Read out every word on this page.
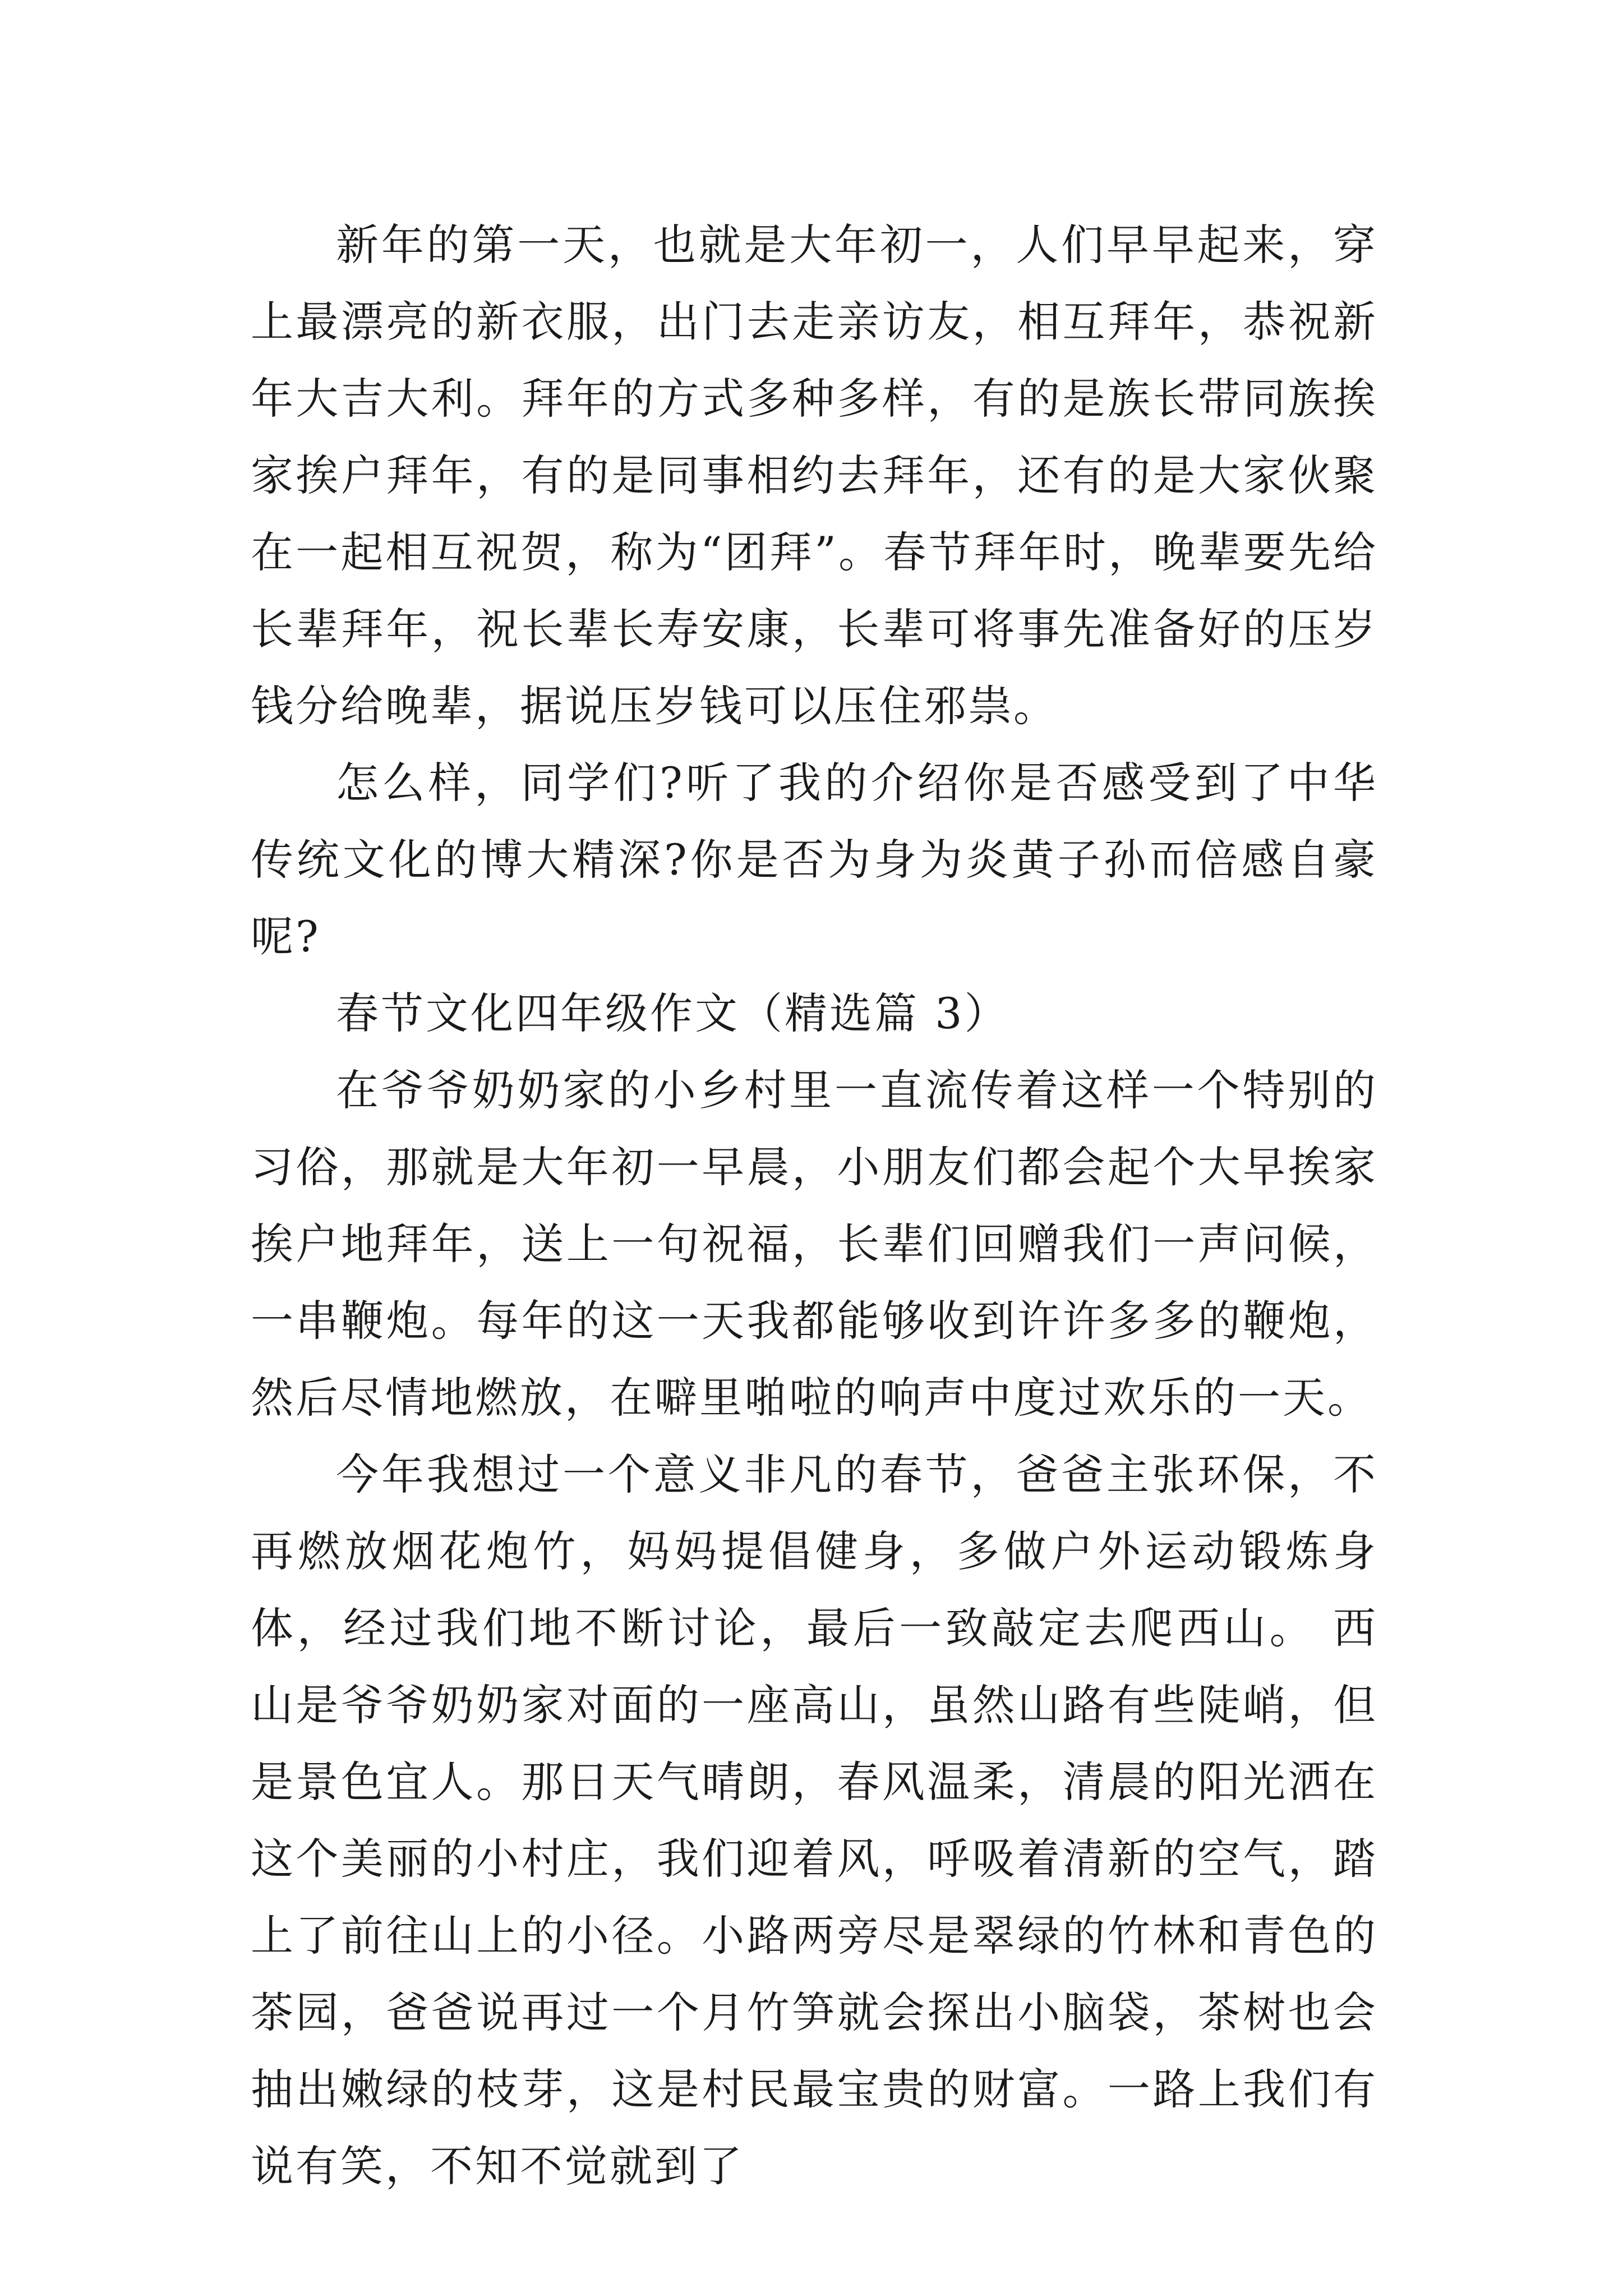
新年的第一天，也就是大年初一，人们早早起来，穿上最漂亮的新衣服，出门去走亲访友，相互拜年，恭祝新年大吉大利。拜年的方式多种多样，有的是族长带同族挨家挨户拜年，有的是同事相约去拜年，还有的是大家伙聚在一起相互祝贺，称为“团拜”。春节拜年时，晚辈要先给长辈拜年，祝长辈长寿安康，长辈可将事先准备好的压岁钱分给晚辈，据说压岁钱可以压住邪祟。

怎么样，同学们?听了我的介绍你是否感受到了中华传统文化的博大精深?你是否为身为炎黄子孙而倍感自豪呢?

春节文化四年级作文（精选篇 3）

在爷爷奶奶家的小乡村里一直流传着这样一个特别的习俗，那就是大年初一早晨，小朋友们都会起个大早挨家挨户地拜年，送上一句祝福，长辈们回赠我们一声问候，一串鞭炮。每年的这一天我都能够收到许许多多的鞭炮，然后尽情地燃放，在噼里啪啦的响声中度过欢乐的一天。

今年我想过一个意义非凡的春节，爸爸主张环保，不再燃放烟花炮竹，妈妈提倡健身，多做户外运动锻炼身体，经过我们地不断讨论，最后一致敲定去爬西山。 西山是爷爷奶奶家对面的一座高山，虽然山路有些陡峭，但是景色宜人。那日天气晴朗，春风温柔，清晨的阳光洒在这个美丽的小村庄，我们迎着风，呼吸着清新的空气，踏上了前往山上的小径。小路两旁尽是翠绿的竹林和青色的茶园，爸爸说再过一个月竹笋就会探出小脑袋，茶树也会抽出嫩绿的枝芽，这是村民最宝贵的财富。一路上我们有说有笑，不知不觉就到了
